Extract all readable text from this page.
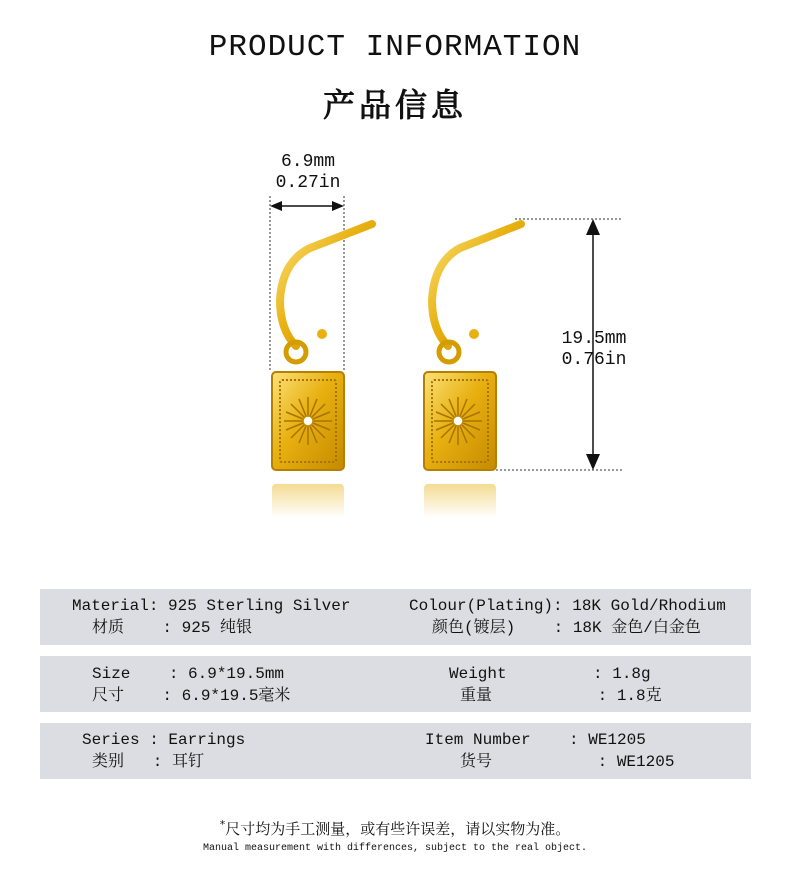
PRODUCT INFORMATION
产品信息
6.9mm
0.27in
19.5mm
0.76in
Material: 925 Sterling Silver
材质    : 925 纯银
Colour(Plating): 18K Gold/Rhodium
颜色(镀层)    : 18K 金色/白金色
Size    : 6.9*19.5mm
尺寸    : 6.9*19.5毫米
Weight         : 1.8g
重量           : 1.8克
Series : Earrings
类别   : 耳钉
Item Number    : WE1205
货号           : WE1205
*尺寸均为手工测量，或有些许误差，请以实物为准。
Manual measurement with differences, subject to the real object.
